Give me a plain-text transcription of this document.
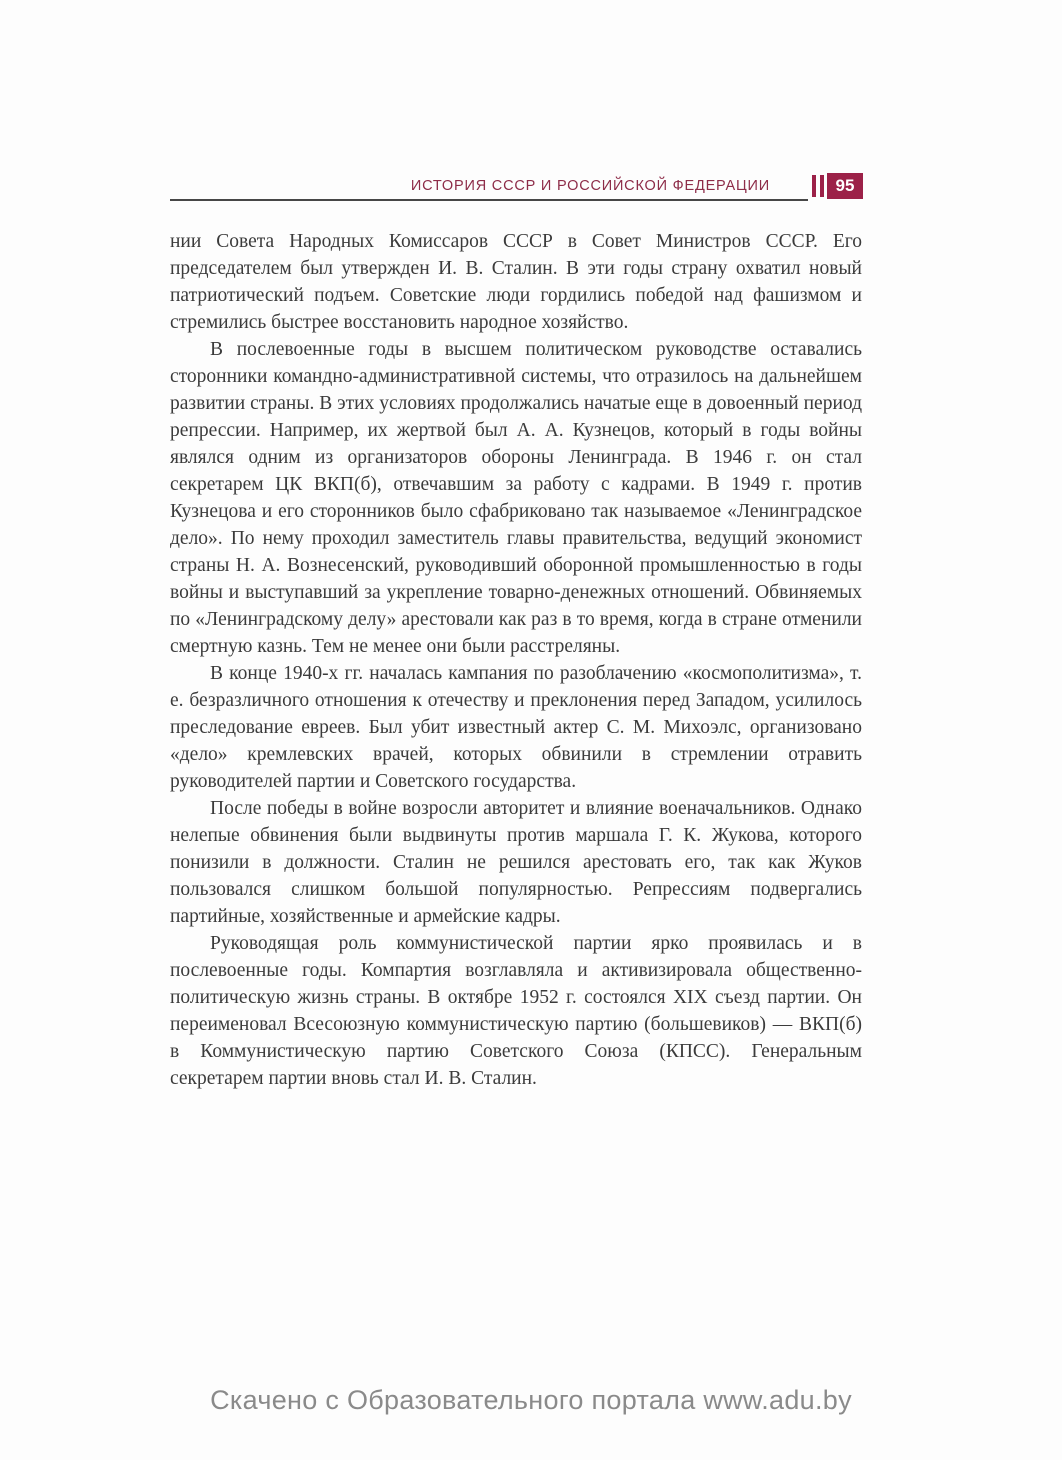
ИСТОРИЯ СССР И РОССИЙСКОЙ ФЕДЕРАЦИИ	95

нии Совета Народных Комиссаров СССР в Совет Министров СССР. Его председателем был утвержден И. В. Сталин. В эти годы страну охватил новый патриотический подъем. Советские люди гордились победой над фашизмом и стремились быстрее восстановить народное хозяйство.

В послевоенные годы в высшем политическом руководстве оставались сторонники командно-административной системы, что отразилось на дальнейшем развитии страны. В этих условиях продолжались начатые еще в довоенный период репрессии. Например, их жертвой был А. А. Кузнецов, который в годы войны являлся одним из организаторов обороны Ленинграда. В 1946 г. он стал секретарем ЦК ВКП(б), отвечавшим за работу с кадрами. В 1949 г. против Кузнецова и его сторонников было сфабриковано так называемое «Ленинградское дело». По нему проходил заместитель главы правительства, ведущий экономист страны Н. А. Вознесенский, руководивший оборонной промышленностью в годы войны и выступавший за укрепление товарно-денежных отношений. Обвиняемых по «Ленинградскому делу» арестовали как раз в то время, когда в стране отменили смертную казнь. Тем не менее они были расстреляны.

В конце 1940-х гг. началась кампания по разоблачению «космополитизма», т. е. безразличного отношения к отечеству и преклонения перед Западом, усилилось преследование евреев. Был убит известный актер С. М. Михоэлс, организовано «дело» кремлевских врачей, которых обвинили в стремлении отравить руководителей партии и Советского государства.

После победы в войне возросли авторитет и влияние военачальников. Однако нелепые обвинения были выдвинуты против маршала Г. К. Жукова, которого понизили в должности. Сталин не решился арестовать его, так как Жуков пользовался слишком большой популярностью. Репрессиям подвергались партийные, хозяйственные и армейские кадры.

Руководящая роль коммунистической партии ярко проявилась и в послевоенные годы. Компартия возглавляла и активизировала общественно-политическую жизнь страны. В октябре 1952 г. состоялся XIX съезд партии. Он переименовал Всесоюзную коммунистическую партию (большевиков) — ВКП(б) в Коммунистическую партию Советского Союза (КПСС). Генеральным секретарем партии вновь стал И. В. Сталин.

Скачено с Образовательного портала www.adu.by
